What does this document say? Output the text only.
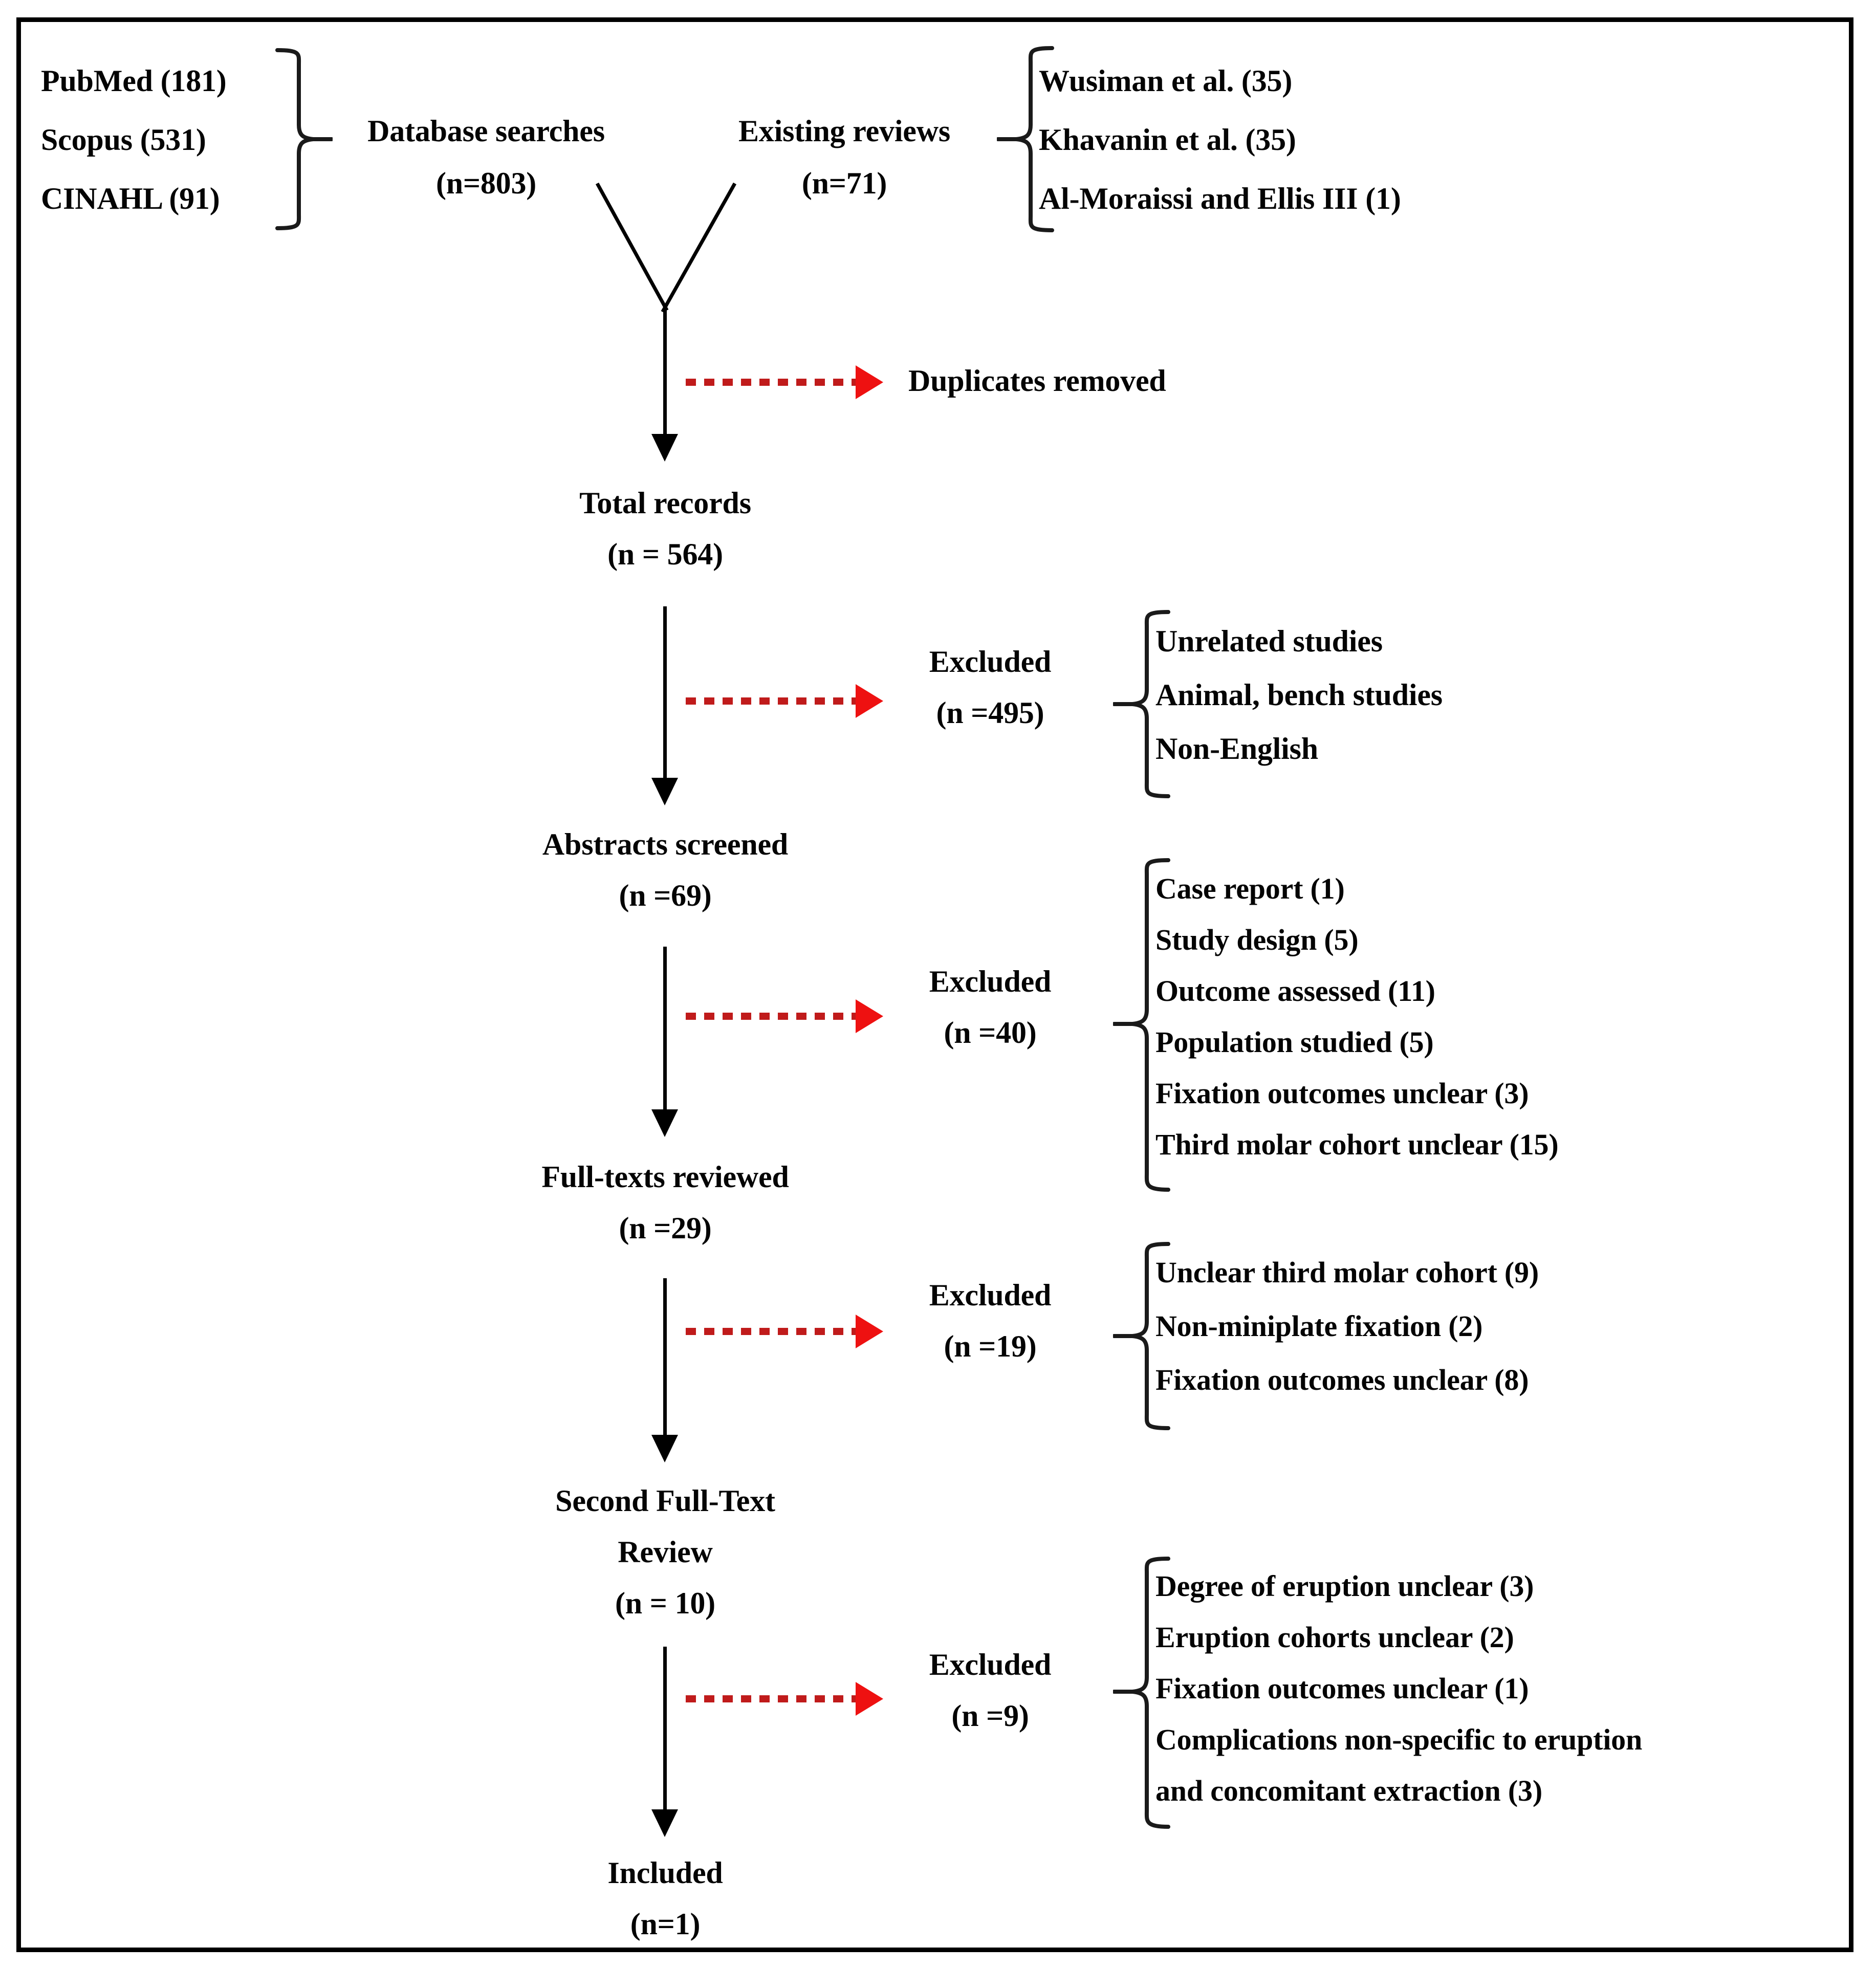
PubMed (181)
Scopus (531)
CINAHL (91)
Database searches
(n=803)
Existing reviews
(n=71)
Wusiman et al. (35)
Khavanin et al. (35)
Al-Moraissi and Ellis III (1)
Duplicates removed
Total records
(n = 564)
Excluded
(n =495)
Unrelated studies
Animal, bench studies
Non-English
Abstracts screened
(n =69)
Excluded
(n =40)
Case report (1)
Study design (5)
Outcome assessed (11)
Population studied (5)
Fixation outcomes unclear (3)
Third molar cohort unclear (15)
Full-texts reviewed
(n =29)
Excluded
(n =19)
Unclear third molar cohort (9)
Non-miniplate fixation (2)
Fixation outcomes unclear (8)
Second Full-Text
Review
(n = 10)
Excluded
(n =9)
Degree of eruption unclear (3)
Eruption cohorts unclear (2)
Fixation outcomes unclear (1)
Complications non-specific to eruption
and concomitant extraction (3)
Included
(n=1)
